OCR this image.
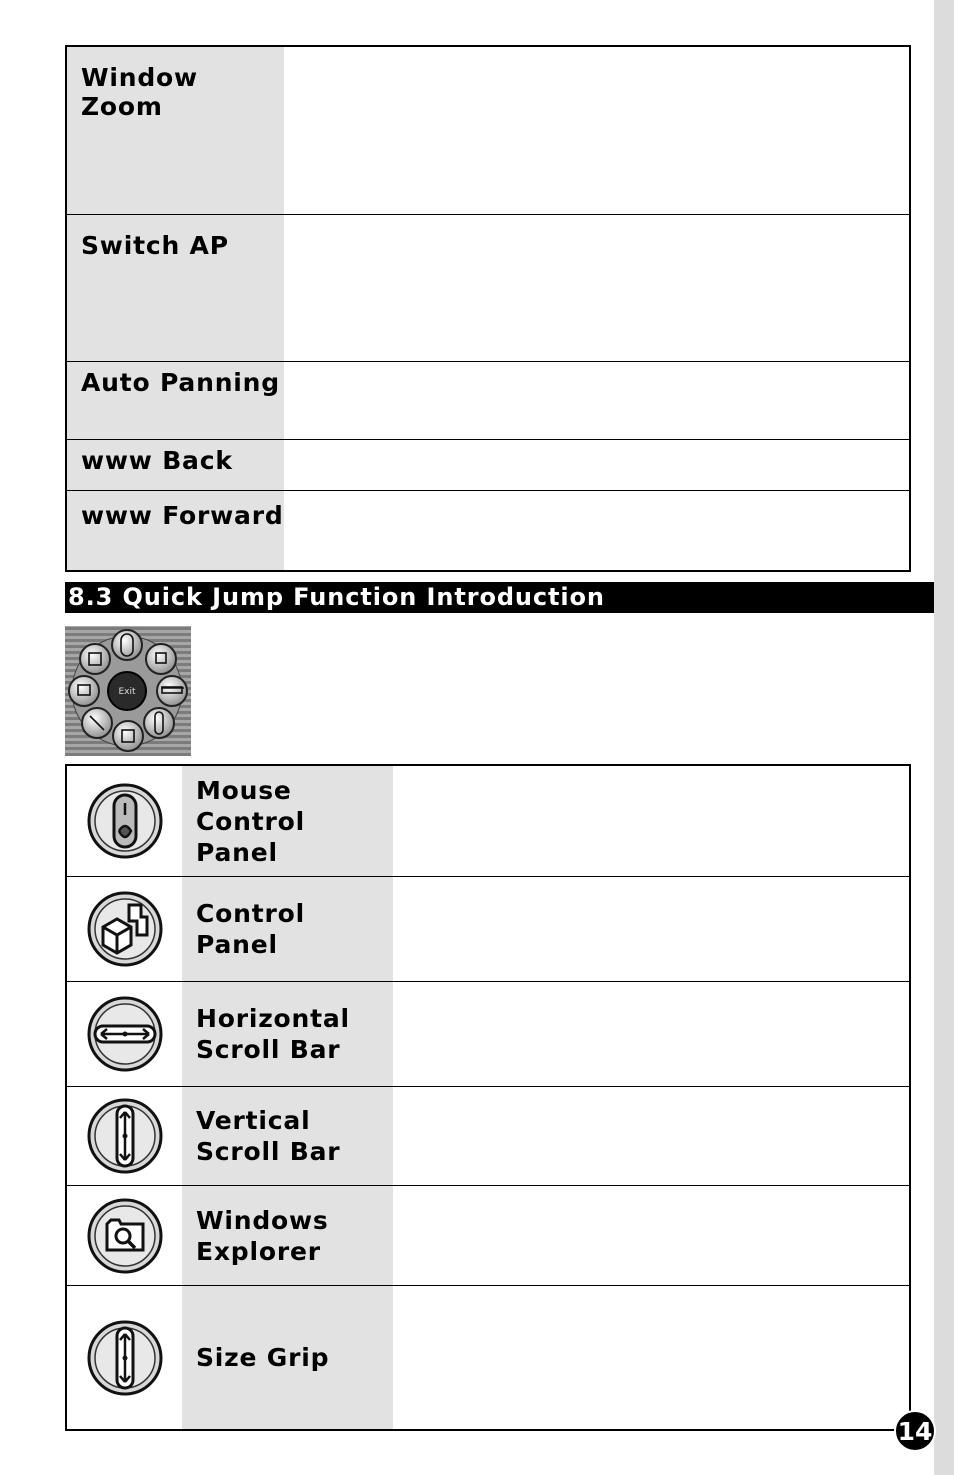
Window Zoom
Switch AP
Auto Panning
www Back
www Forward
8.3 Quick Jump Function Introduction
Exit
Mouse
Control Panel
Control Panel
Horizontal
Scroll Bar
Vertical
Scroll Bar
Windows
Explorer
Size Grip
14
